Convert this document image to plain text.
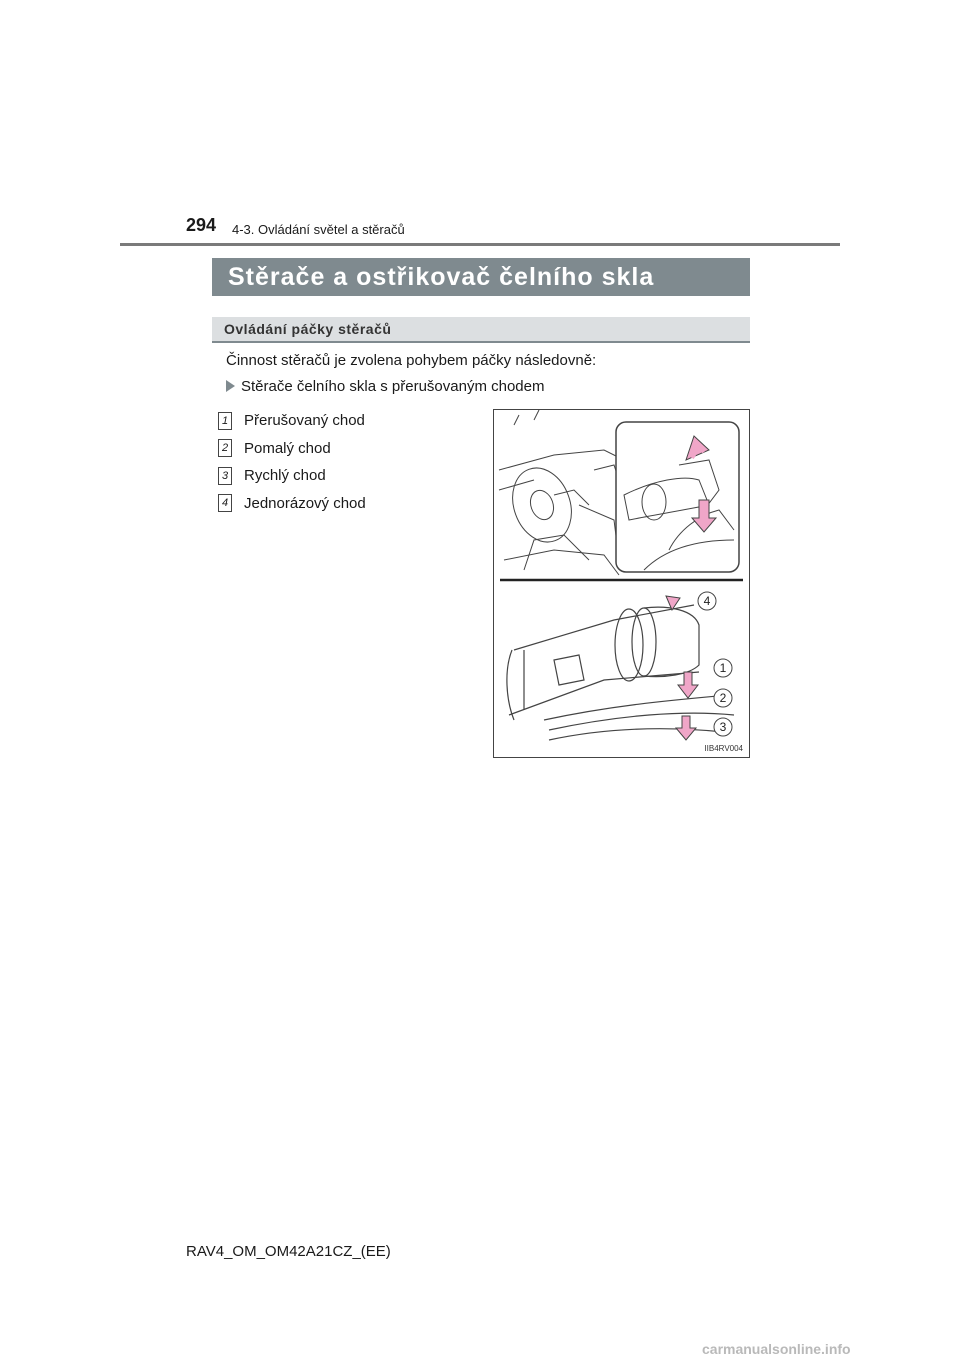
294 4-3. Ovládání světel a stěračů
Stěrače a ostřikovač čelního skla
Ovládání páčky stěračů
Činnost stěračů je zvolena pohybem páčky následovně:
Stěrače čelního skla s přerušovaným chodem
1 Přerušovaný chod
2 Pomalý chod
3 Rychlý chod
4 Jednorázový chod
4
1
2
3
IIB4RV004
RAV4_OM_OM42A21CZ_(EE)
carmanualsonline.info
